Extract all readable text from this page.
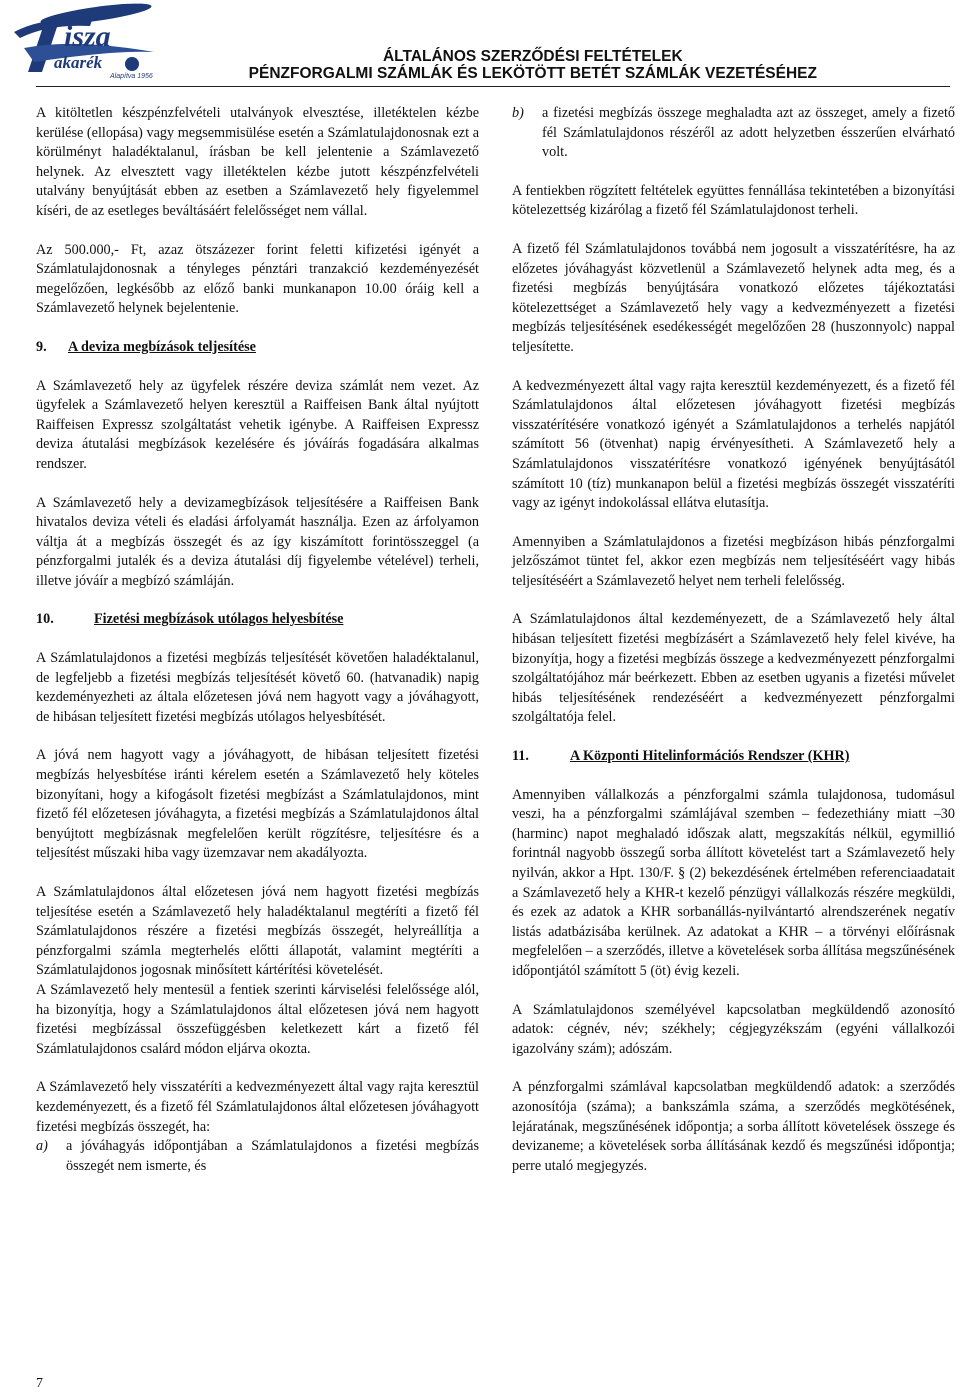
isza
akarék
Alapítva 1956
ÁLTALÁNOS SZERZŐDÉSI FELTÉTELEK
PÉNZFORGALMI SZÁMLÁK ÉS LEKÖTÖTT BETÉT SZÁMLÁK VEZETÉSÉHEZ

A kitöltetlen készpénzfelvételi utalványok elvesztése, illetéktelen kézbe kerülése (ellopása) vagy megsemmisülése esetén a Számlatulajdonosnak ezt a körülményt haladéktalanul, írásban be kell jelentenie a Számlavezető helynek. Az elvesztett vagy illetéktelen kézbe jutott készpénzfelvételi utalvány benyújtását ebben az esetben a Számlavezető hely figyelemmel kíséri, de az esetleges beváltásáért felelősséget nem vállal.

Az 500.000,- Ft, azaz ötszázezer forint feletti kifizetési igényét a Számlatulajdonosnak a tényleges pénztári tranzakció kezdeményezését megelőzően, legkésőbb az előző banki munkanapon 10.00 óráig kell a Számlavezető helynek bejelentenie.

9. A deviza megbízások teljesítése

A Számlavezető hely az ügyfelek részére deviza számlát nem vezet. Az ügyfelek a Számlavezető helyen keresztül a Raiffeisen Bank által nyújtott Raiffeisen Expressz szolgáltatást vehetik igénybe. A Raiffeisen Expressz deviza átutalási megbízások kezelésére és jóváírás fogadására alkalmas rendszer.

A Számlavezető hely a devizamegbízások teljesítésére a Raiffeisen Bank hivatalos deviza vételi és eladási árfolyamát használja. Ezen az árfolyamon váltja át a megbízás összegét és az így kiszámított forintösszeggel (a pénzforgalmi jutalék és a deviza átutalási díj figyelembe vételével) terheli, illetve jóváír a megbízó számláján.

10.	Fizetési megbízások utólagos helyesbítése

A Számlatulajdonos a fizetési megbízás teljesítését követően haladéktalanul, de legfeljebb a fizetési megbízás teljesítését követő 60. (hatvanadik) napig kezdeményezheti az általa előzetesen jóvá nem hagyott vagy a jóváhagyott, de hibásan teljesített fizetési megbízás utólagos helyesbítését.

A jóvá nem hagyott vagy a jóváhagyott, de hibásan teljesített fizetési megbízás helyesbítése iránti kérelem esetén a Számlavezető hely köteles bizonyítani, hogy a kifogásolt fizetési megbízást a Számlatulajdonos, mint fizető fél előzetesen jóváhagyta, a fizetési megbízás a Számlatulajdonos által benyújtott megbízásnak megfelelően került rögzítésre, teljesítésre és a teljesítést műszaki hiba vagy üzemzavar nem akadályozta.

A Számlatulajdonos által előzetesen jóvá nem hagyott fizetési megbízás teljesítése esetén a Számlavezető hely haladéktalanul megtéríti a fizető fél Számlatulajdonos részére a fizetési megbízás összegét, helyreállítja a pénzforgalmi számla megterhelés előtti állapotát, valamint megtéríti a Számlatulajdonos jogosnak minősített kártérítési követelését.

A Számlavezető hely mentesül a fentiek szerinti kárviselési felelőssége alól, ha bizonyítja, hogy a Számlatulajdonos által előzetesen jóvá nem hagyott fizetési megbízással összefüggésben keletkezett kárt a fizető fél Számlatulajdonos csalárd módon eljárva okozta.

A Számlavezető hely visszatéríti a kedvezményezett által vagy rajta keresztül kezdeményezett, és a fizető fél Számlatulajdonos által előzetesen jóváhagyott fizetési megbízás összegét, ha:

a) a jóváhagyás időpontjában a Számlatulajdonos a fizetési megbízás összegét nem ismerte, és
b) a fizetési megbízás összege meghaladta azt az összeget, amely a fizető fél Számlatulajdonos részéről az adott helyzetben ésszerűen elvárható volt.

A fentiekben rögzített feltételek együttes fennállása tekintetében a bizonyítási kötelezettség kizárólag a fizető fél Számlatulajdonost terheli.

A fizető fél Számlatulajdonos továbbá nem jogosult a visszatérítésre, ha az előzetes jóváhagyást közvetlenül a Számlavezető helynek adta meg, és a fizetési megbízás benyújtására vonatkozó előzetes tájékoztatási kötelezettséget a Számlavezető hely vagy a kedvezményezett a fizetési megbízás teljesítésének esedékességét megelőzően 28 (huszonnyolc) nappal teljesítette.

A kedvezményezett által vagy rajta keresztül kezdeményezett, és a fizető fél Számlatulajdonos által előzetesen jóváhagyott fizetési megbízás visszatérítésére vonatkozó igényét a Számlatulajdonos a terhelés napjától számított 56 (ötvenhat) napig érvényesítheti. A Számlavezető hely a Számlatulajdonos visszatérítésre vonatkozó igényének benyújtásától számított 10 (tíz) munkanapon belül a fizetési megbízás összegét visszatéríti vagy az igényt indokolással ellátva elutasítja.

Amennyiben a Számlatulajdonos a fizetési megbízáson hibás pénzforgalmi jelzőszámot tüntet fel, akkor ezen megbízás nem teljesítéséért vagy hibás teljesítéséért a Számlavezető helyet nem terheli felelősség.

A Számlatulajdonos által kezdeményezett, de a Számlavezető hely által hibásan teljesített fizetési megbízásért a Számlavezető hely felel kivéve, ha bizonyítja, hogy a fizetési megbízás összege a kedvezményezett pénzforgalmi szolgáltatójához már beérkezett. Ebben az esetben ugyanis a fizetési művelet hibás teljesítésének rendezéséért a kedvezményezett pénzforgalmi szolgáltatója felel.

11.	A Központi Hitelinformációs Rendszer (KHR)

Amennyiben vállalkozás a pénzforgalmi számla tulajdonosa, tudomásul veszi, ha a pénzforgalmi számlájával szemben – fedezethiány miatt –30 (harminc) napot meghaladó időszak alatt, megszakítás nélkül, egymillió forintnál nagyobb összegű sorba állított követelést tart a Számlavezető hely nyilván, akkor a Hpt. 130/F. § (2) bekezdésének értelmében referenciaadatait a Számlavezető hely a KHR-t kezelő pénzügyi vállalkozás részére megküldi, és ezek az adatok a KHR sorbanállás-nyilvántartó alrendszerének negatív listás adatbázisába kerülnek. Az adatokat a KHR – a törvényi előírásnak megfelelően – a szerződés, illetve a követelések sorba állítása megszűnésének időpontjától számított 5 (öt) évig kezeli.

A Számlatulajdonos személyével kapcsolatban megküldendő azonosító adatok: cégnév, név; székhely; cégjegyzékszám (egyéni vállalkozói igazolvány szám); adószám.

A pénzforgalmi számlával kapcsolatban megküldendő adatok: a szerződés azonosítója (száma); a bankszámla száma, a szerződés megkötésének, lejáratának, megszűnésének időpontja; a sorba állított követelések összege és devizaneme; a követelések sorba állításának kezdő és megszűnési időpontja; perre utaló megjegyzés.

7
